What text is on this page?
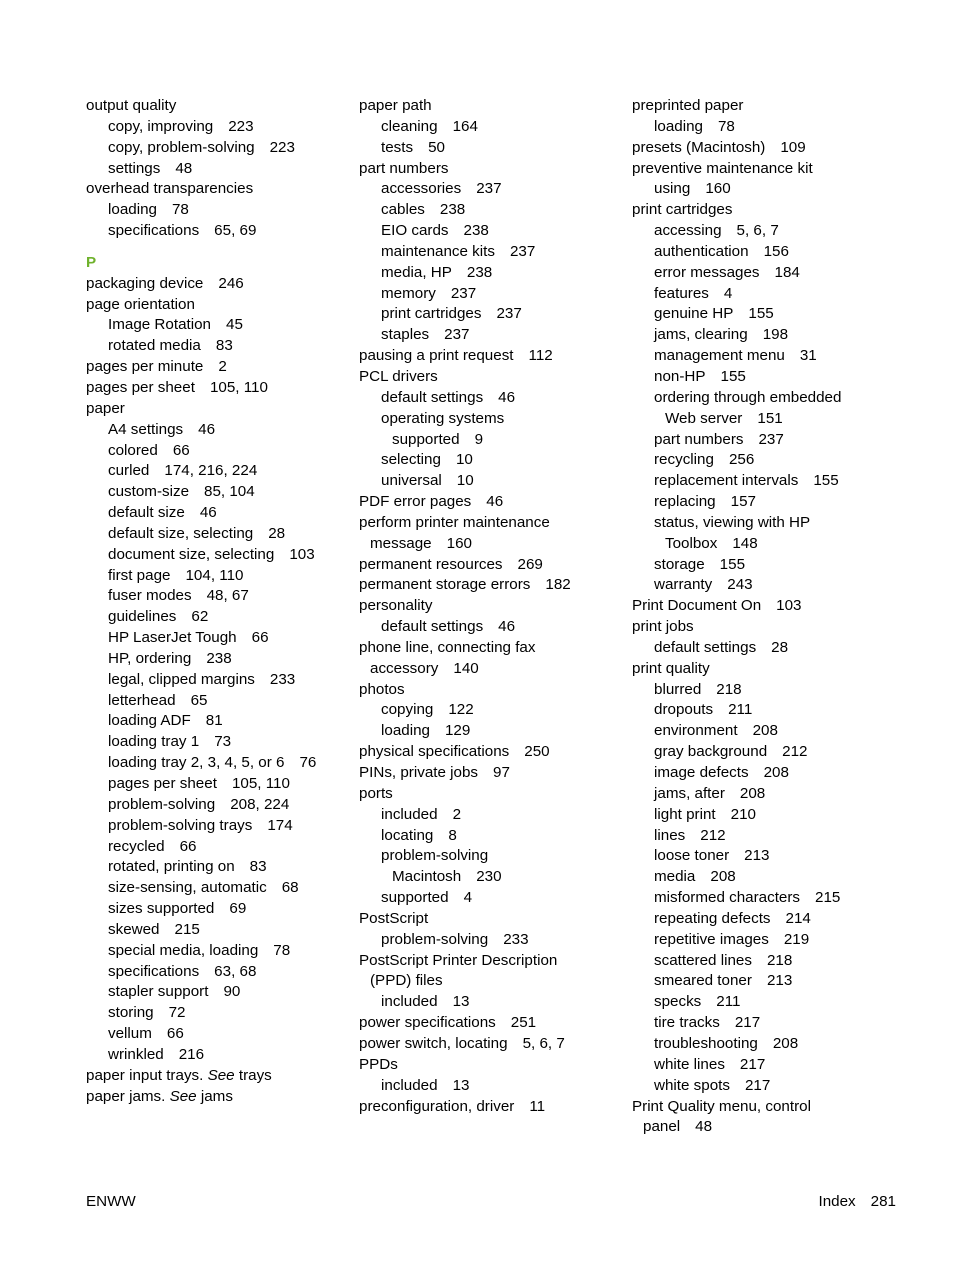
output quality
copy, improving 223
copy, problem-solving 223
settings 48
overhead transparencies
loading 78
specifications 65, 69
P
packaging device 246
page orientation
Image Rotation 45
rotated media 83
pages per minute 2
pages per sheet 105, 110
paper
A4 settings 46
colored 66
curled 174, 216, 224
custom-size 85, 104
default size 46
default size, selecting 28
document size, selecting 103
first page 104, 110
fuser modes 48, 67
guidelines 62
HP LaserJet Tough 66
HP, ordering 238
legal, clipped margins 233
letterhead 65
loading ADF 81
loading tray 1 73
loading tray 2, 3, 4, 5, or 6 76
pages per sheet 105, 110
problem-solving 208, 224
problem-solving trays 174
recycled 66
rotated, printing on 83
size-sensing, automatic 68
sizes supported 69
skewed 215
special media, loading 78
specifications 63, 68
stapler support 90
storing 72
vellum 66
wrinkled 216
paper input trays. See trays
paper jams. See jams
paper path
cleaning 164
tests 50
part numbers
accessories 237
cables 238
EIO cards 238
maintenance kits 237
media, HP 238
memory 237
print cartridges 237
staples 237
pausing a print request 112
PCL drivers
default settings 46
operating systems
supported 9
selecting 10
universal 10
PDF error pages 46
perform printer maintenance
message 160
permanent resources 269
permanent storage errors 182
personality
default settings 46
phone line, connecting fax
accessory 140
photos
copying 122
loading 129
physical specifications 250
PINs, private jobs 97
ports
included 2
locating 8
problem-solving
Macintosh 230
supported 4
PostScript
problem-solving 233
PostScript Printer Description
(PPD) files
included 13
power specifications 251
power switch, locating 5, 6, 7
PPDs
included 13
preconfiguration, driver 11
preprinted paper
loading 78
presets (Macintosh) 109
preventive maintenance kit
using 160
print cartridges
accessing 5, 6, 7
authentication 156
error messages 184
features 4
genuine HP 155
jams, clearing 198
management menu 31
non-HP 155
ordering through embedded
Web server 151
part numbers 237
recycling 256
replacement intervals 155
replacing 157
status, viewing with HP
Toolbox 148
storage 155
warranty 243
Print Document On 103
print jobs
default settings 28
print quality
blurred 218
dropouts 211
environment 208
gray background 212
image defects 208
jams, after 208
light print 210
lines 212
loose toner 213
media 208
misformed characters 215
repeating defects 214
repetitive images 219
scattered lines 218
smeared toner 213
specks 211
tire tracks 217
troubleshooting 208
white lines 217
white spots 217
Print Quality menu, control
panel 48
ENWW	Index 281
